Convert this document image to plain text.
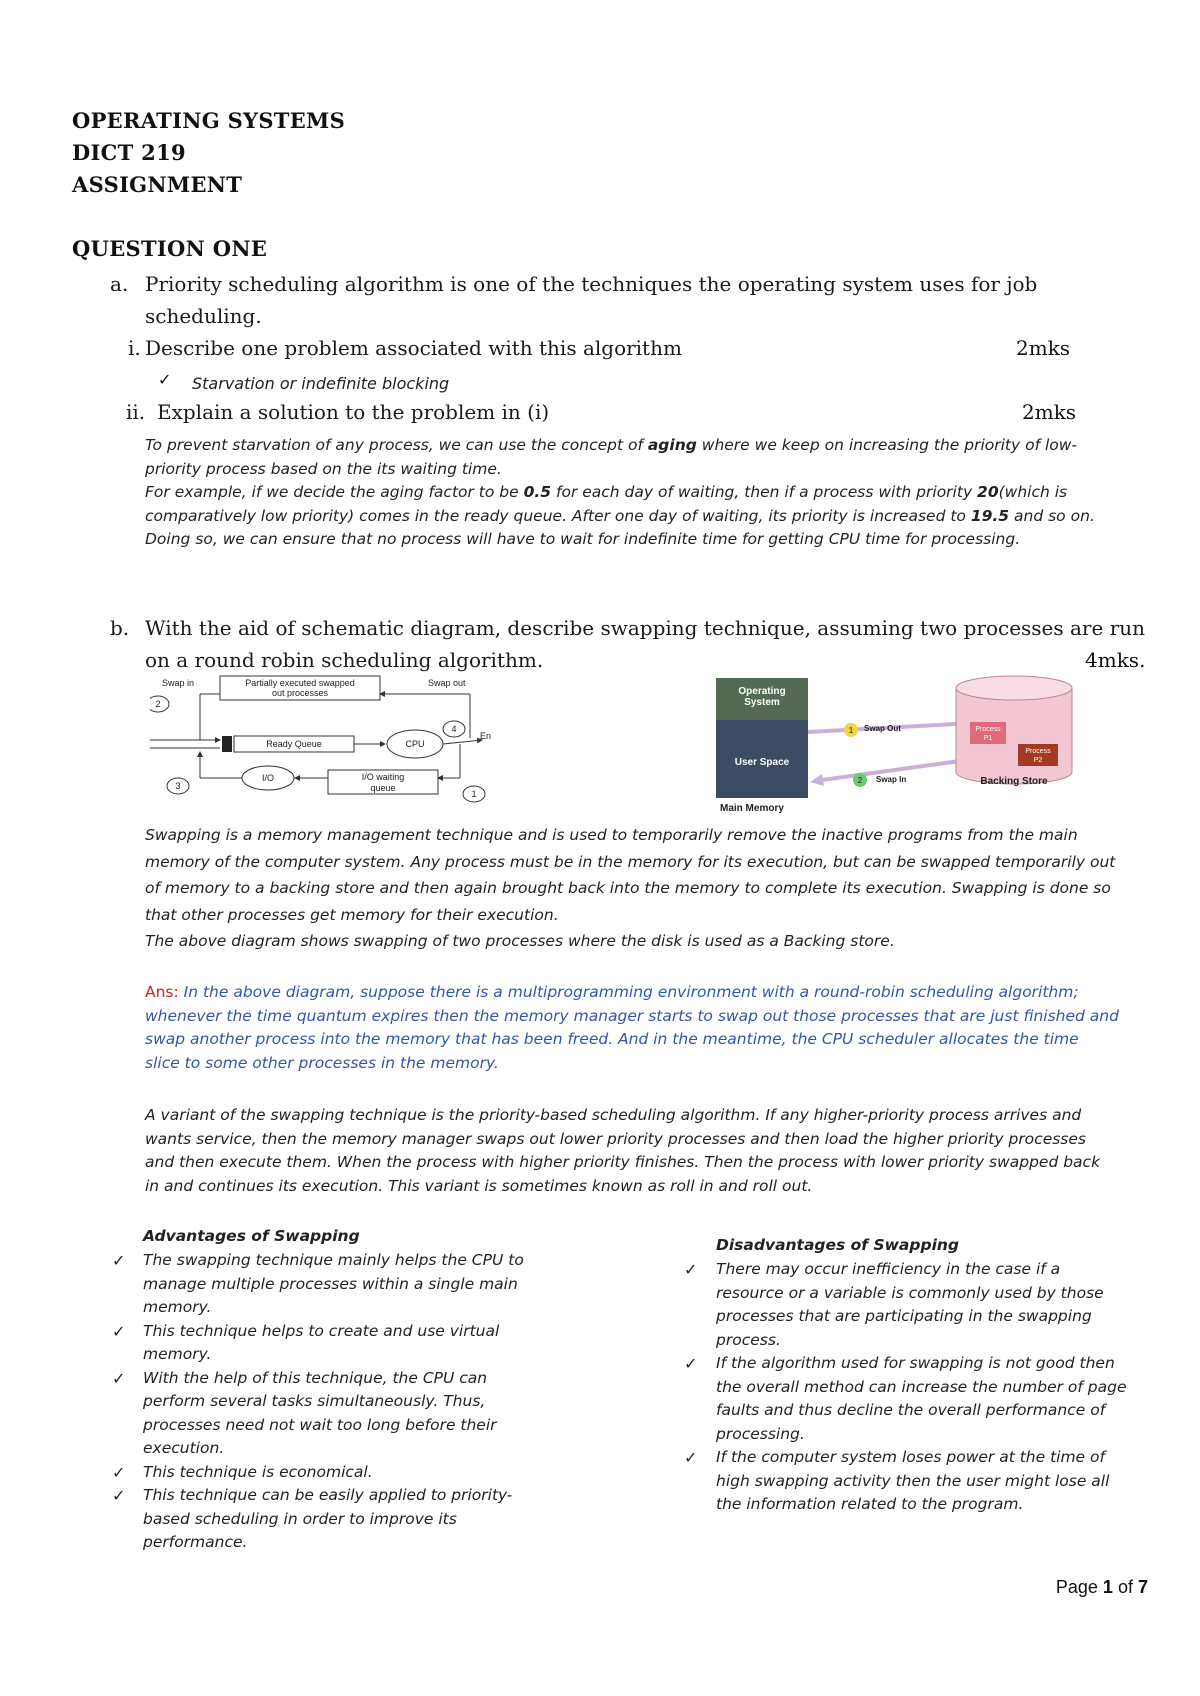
OPERATING SYSTEMS
DICT 219
ASSIGNMENT
QUESTION ONE
a. Priority scheduling algorithm is one of the techniques the operating system uses for job
scheduling.
i. Describe one problem associated with this algorithm	2mks
✓ Starvation or indefinite blocking
ii. Explain a solution to the problem in (i)	2mks
To prevent starvation of any process, we can use the concept of aging where we keep on increasing the priority of low-
priority process based on the its waiting time.
For example, if we decide the aging factor to be 0.5 for each day of waiting, then if a process with priority 20(which is
comparatively low priority) comes in the ready queue. After one day of waiting, its priority is increased to 19.5 and so on.
Doing so, we can ensure that no process will have to wait for indefinite time for getting CPU time for processing.
b. With the aid of schematic diagram, describe swapping technique, assuming two processes are run
on a round robin scheduling algorithm.	4mks.
Swap in	Swap out
Partially executed swapped
out processes
2
Ready Queue	CPU
En
4
I/O waiting
queue
1
I/O
3
Operating
System
User Space
Main Memory
1 Swap Out
2 Swap In
Process
P1
Process
P2
Backing Store
Swapping is a memory management technique and is used to temporarily remove the inactive programs from the main
memory of the computer system. Any process must be in the memory for its execution, but can be swapped temporarily out
of memory to a backing store and then again brought back into the memory to complete its execution. Swapping is done so
that other processes get memory for their execution.
The above diagram shows swapping of two processes where the disk is used as a Backing store.
Ans: In the above diagram, suppose there is a multiprogramming environment with a round-robin scheduling algorithm;
whenever the time quantum expires then the memory manager starts to swap out those processes that are just finished and
swap another process into the memory that has been freed. And in the meantime, the CPU scheduler allocates the time
slice to some other processes in the memory.
A variant of the swapping technique is the priority-based scheduling algorithm. If any higher-priority process arrives and
wants service, then the memory manager swaps out lower priority processes and then load the higher priority processes
and then execute them. When the process with higher priority finishes. Then the process with lower priority swapped back
in and continues its execution. This variant is sometimes known as roll in and roll out.
Advantages of Swapping
✓ The swapping technique mainly helps the CPU to
manage multiple processes within a single main
memory.
✓ This technique helps to create and use virtual
memory.
✓ With the help of this technique, the CPU can
perform several tasks simultaneously. Thus,
processes need not wait too long before their
execution.
✓ This technique is economical.
✓ This technique can be easily applied to priority-
based scheduling in order to improve its
performance.
Disadvantages of Swapping
✓ There may occur inefficiency in the case if a
resource or a variable is commonly used by those
processes that are participating in the swapping
process.
✓ If the algorithm used for swapping is not good then
the overall method can increase the number of page
faults and thus decline the overall performance of
processing.
✓ If the computer system loses power at the time of
high swapping activity then the user might lose all
the information related to the program.
Page 1 of 7
